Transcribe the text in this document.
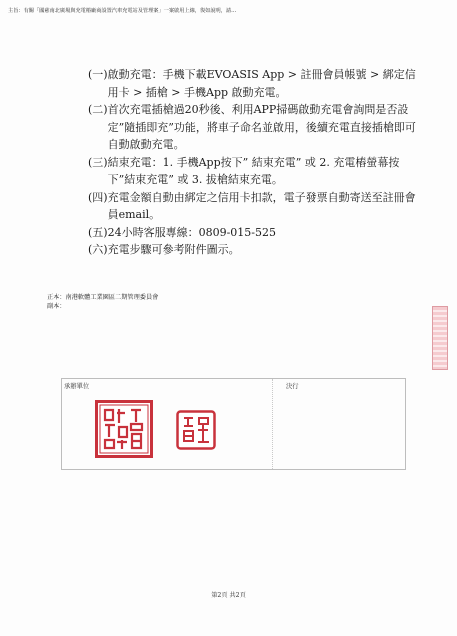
主旨：有關「國慈南北廣場與充電樁廠商設置汽車充電站及管理案」一案啟用上線，復如說明，請…
(一) 啟動充電：手機下載EVOASIS App > 註冊會員帳號 > 綁定信用卡 > 插槍 > 手機App 啟動充電。
(二) 首次充電插槍過20秒後、利用APP掃碼啟動充電會詢問是否設定”隨插即充”功能，將車子命名並啟用，後續充電直接插槍即可自動啟動充電。
(三) 結束充電：1. 手機App按下” 結束充電” 或 2. 充電樁螢幕按下”結束充電” 或 3. 拔槍結束充電。
(四) 充電金額自動由綁定之信用卡扣款，電子發票自動寄送至註冊會員email。
(五) 24小時客服專線：0809-015-525
(六) 充電步驟可參考附件圖示。
正本：南港軟體工業園區二期管理委員會
副本：
承辦單位	決行
第2頁 共2頁
